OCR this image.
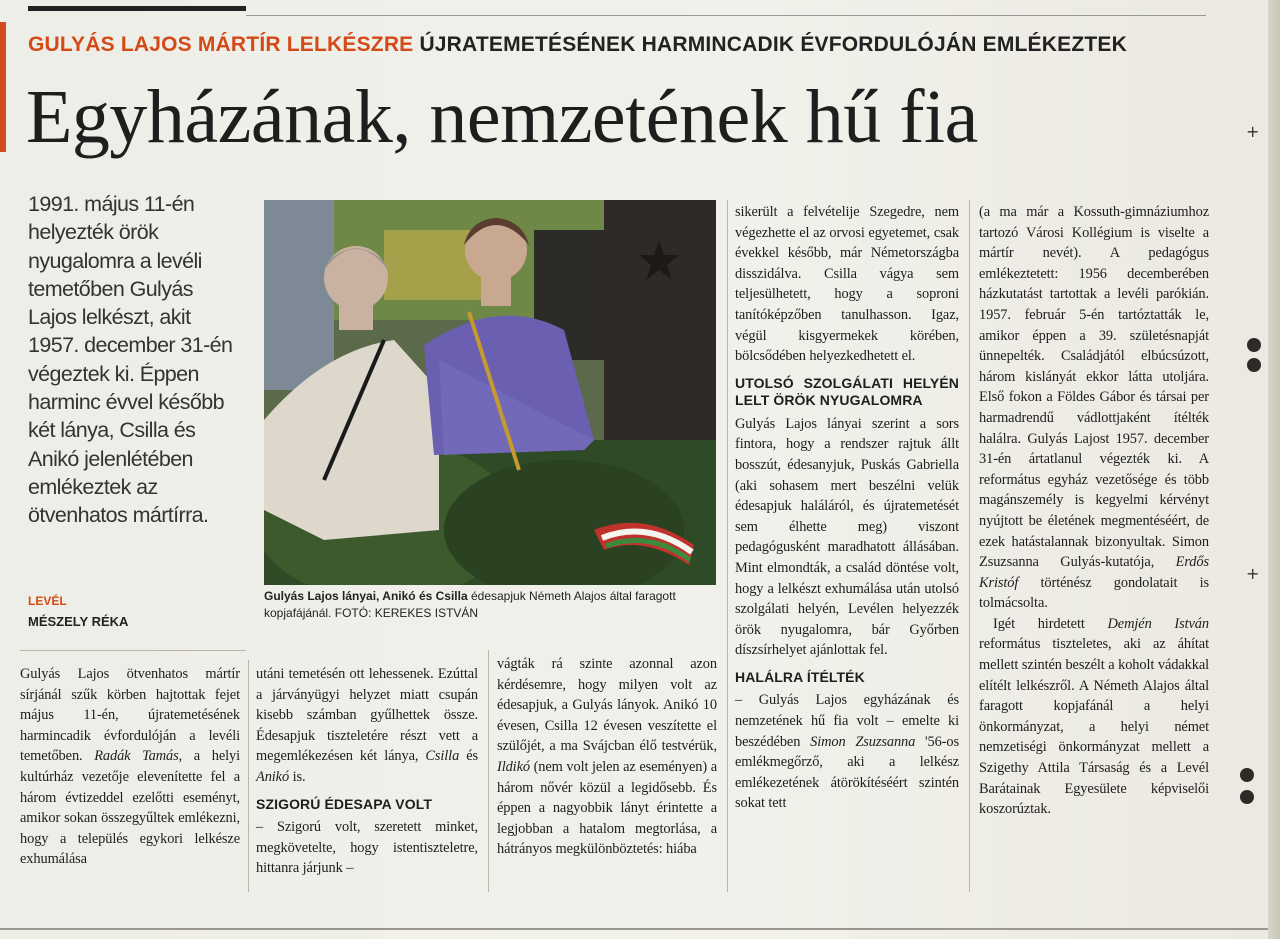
GULYÁS LAJOS MÁRTÍR LELKÉSZRE ÚJRATEMETÉSÉNEK HARMINCADIK ÉVFORDULÓJÁN EMLÉKEZTEK
Egyházának, nemzetének hű fia

1991. május 11-én helyezték örök nyugalomra a levéli temetőben Gulyás Lajos lelkészt, akit 1957. december 31-én végeztek ki. Éppen harminc évvel később két lánya, Csilla és Anikó jelenlétében emlékeztek az ötvenhatos mártírra.

LEVÉL
MÉSZELY RÉKA
Gulyás Lajos lányai, Anikó és Csilla édesapjuk Németh Alajos által faragott kopjafájánál. FOTÓ: KEREKES ISTVÁN

Gulyás Lajos ötvenhatos mártír sírjánál szűk körben hajtottak fejet május 11-én, újratemetésének harmincadik évfordulóján a levéli temetőben. Radák Tamás, a helyi kultúrház vezetője elevenítette fel a három évtizeddel ezelőtti eseményt, amikor sokan összegyűltek emlékezni, hogy a település egykori lelkésze exhumálása

utáni temetésén ott lehessenek. Ezúttal a járványügyi helyzet miatt csupán kisebb számban gyűlhettek össze. Édesapjuk tiszteletére részt vett a megemlékezésen két lánya, Csilla és Anikó is.

SZIGORÚ ÉDESAPA VOLT

– Szigorú volt, szeretett minket, megkövetelte, hogy istentiszteletre, hittanra járjunk –

vágták rá szinte azonnal azon kérdésemre, hogy milyen volt az édesapjuk, a Gulyás lányok. Anikó 10 évesen, Csilla 12 évesen veszítette el szülőjét, a ma Svájcban élő testvérük, Ildikó (nem volt jelen az eseményen) a három nővér közül a legidősebb. És éppen a nagyobbik lányt érintette a legjobban a hatalom megtorlása, a hátrányos megkülönböztetés: hiába

sikerült a felvételije Szegedre, nem végezhette el az orvosi egyetemet, csak évekkel később, már Németországba disszidálva. Csilla vágya sem teljesülhetett, hogy a soproni tanítóképzőben tanulhasson. Igaz, végül kisgyermekek körében, bölcsődében helyezkedhetett el.

UTOLSÓ SZOLGÁLATI HELYÉN LELT ÖRÖK NYUGALOMRA

Gulyás Lajos lányai szerint a sors fintora, hogy a rendszer rajtuk állt bosszút, édesanyjuk, Puskás Gabriella (aki sohasem mert beszélni velük édesapjuk haláláról, és újratemetését sem élhette meg) viszont pedagógusként maradhatott állásában. Mint elmondták, a család döntése volt, hogy a lelkészt exhumálása után utolsó szolgálati helyén, Levélen helyezzék örök nyugalomra, bár Győrben díszsírhelyet ajánlottak fel.

HALÁLRA ÍTÉLTÉK

– Gulyás Lajos egyházának és nemzetének hű fia volt – emelte ki beszédében Simon Zsuzsanna '56-os emlékmegőrző, aki a lelkész emlékezetének átörökítéséért szintén sokat tett

(a ma már a Kossuth-gimnáziumhoz tartozó Városi Kollégium is viselte a mártír nevét). A pedagógus emlékeztetett: 1956 decemberében házkutatást tartottak a levéli parókián. 1957. február 5-én tartóztatták le, amikor éppen a 39. születésnapját ünnepelték. Családjától elbúcsúzott, három kislányát ekkor látta utoljára. Első fokon a Földes Gábor és társai per harmadrendű vádlottjaként ítélték halálra. Gulyás Lajost 1957. december 31-én ártatlanul végezték ki. A református egyház vezetősége és több magánszemély is kegyelmi kérvényt nyújtott be életének megmentéséért, de ezek hatástalannak bizonyultak. Simon Zsuzsanna Gulyás-kutatója, Erdős Kristóf történész gondolatait is tolmácsolta.

Igét hirdetett Demjén István református tiszteletes, aki az áhítat mellett szintén beszélt a koholt vádakkal elítélt lelkészről. A Németh Alajos által faragott kopjafánál a helyi önkormányzat, a helyi német nemzetiségi önkormányzat mellett a Szigethy Attila Társaság és a Levél Barátainak Egyesülete képviselői koszorúztak.

+
+
